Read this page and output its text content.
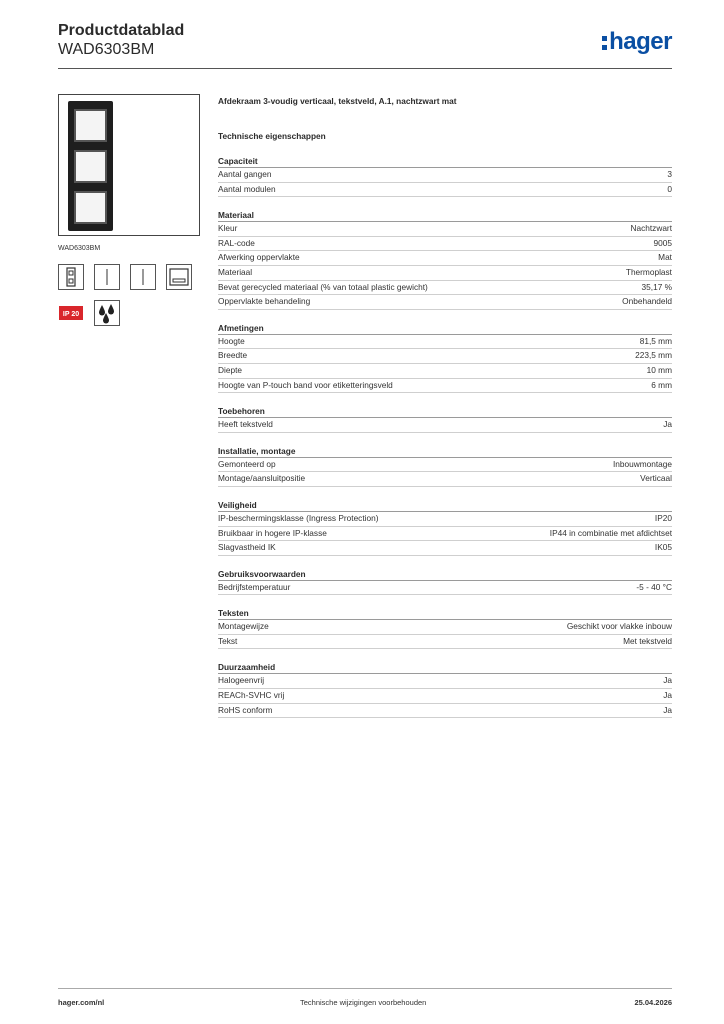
Productdatablad
WAD6303BM	hager
WAD6303BM
IP 20
Afdekraam 3-voudig verticaal, tekstveld, A.1, nachtzwart mat
Technische eigenschappen
Capaciteit
Aantal gangen	3
Aantal modulen	0
Materiaal
Kleur	Nachtzwart
RAL-code	9005
Afwerking oppervlakte	Mat
Materiaal	Thermoplast
Bevat gerecycled materiaal (% van totaal plastic gewicht)	35,17 %
Oppervlakte behandeling	Onbehandeld
Afmetingen
Hoogte	81,5 mm
Breedte	223,5 mm
Diepte	10 mm
Hoogte van P-touch band voor etiketteringsveld	6 mm
Toebehoren
Heeft tekstveld	Ja
Installatie, montage
Gemonteerd op	Inbouwmontage
Montage/aansluitpositie	Verticaal
Veiligheid
IP-beschermingsklasse (Ingress Protection)	IP20
Bruikbaar in hogere IP-klasse	IP44 in combinatie met afdichtset
Slagvastheid IK	IK05
Gebruiksvoorwaarden
Bedrijfstemperatuur	-5 - 40 °C
Teksten
Montagewijze	Geschikt voor vlakke inbouw
Tekst	Met tekstveld
Duurzaamheid
Halogeenvrij	Ja
REACh-SVHC vrij	Ja
RoHS conform	Ja
hager.com/nl	Technische wijzigingen voorbehouden	25.04.2026
